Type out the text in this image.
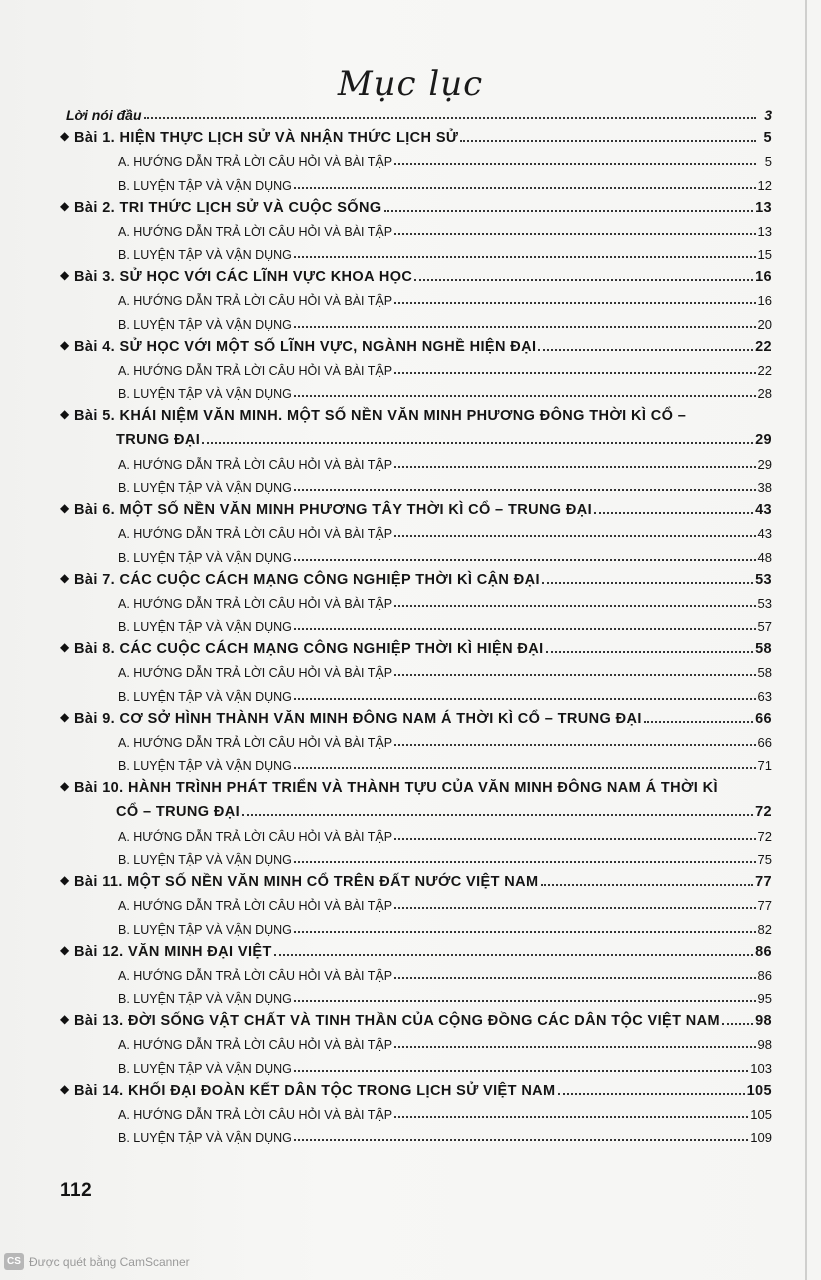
Mục lục
Lời nói đầu	3
◆ Bài 1. HIỆN THỰC LỊCH SỬ VÀ NHẬN THỨC LỊCH SỬ	5
A. HƯỚNG DẪN TRẢ LỜI CÂU HỎI VÀ BÀI TẬP	5
B. LUYỆN TẬP VÀ VẬN DỤNG	12
◆ Bài 2. TRI THỨC LỊCH SỬ VÀ CUỘC SỐNG	13
A. HƯỚNG DẪN TRẢ LỜI CÂU HỎI VÀ BÀI TẬP	13
B. LUYỆN TẬP VÀ VẬN DỤNG	15
◆ Bài 3. SỬ HỌC VỚI CÁC LĨNH VỰC KHOA HỌC	16
A. HƯỚNG DẪN TRẢ LỜI CÂU HỎI VÀ BÀI TẬP	16
B. LUYỆN TẬP VÀ VẬN DỤNG	20
◆ Bài 4. SỬ HỌC VỚI MỘT SỐ LĨNH VỰC, NGÀNH NGHỀ HIỆN ĐẠI	22
A. HƯỚNG DẪN TRẢ LỜI CÂU HỎI VÀ BÀI TẬP	22
B. LUYỆN TẬP VÀ VẬN DỤNG	28
◆ Bài 5. KHÁI NIỆM VĂN MINH. MỘT SỐ NỀN VĂN MINH PHƯƠNG ĐÔNG THỜI KÌ CỔ –
TRUNG ĐẠI	29
A. HƯỚNG DẪN TRẢ LỜI CÂU HỎI VÀ BÀI TẬP	29
B. LUYỆN TẬP VÀ VẬN DỤNG	38
◆ Bài 6. MỘT SỐ NỀN VĂN MINH PHƯƠNG TÂY THỜI KÌ CỔ – TRUNG ĐẠI	43
A. HƯỚNG DẪN TRẢ LỜI CÂU HỎI VÀ BÀI TẬP	43
B. LUYỆN TẬP VÀ VẬN DỤNG	48
◆ Bài 7. CÁC CUỘC CÁCH MẠNG CÔNG NGHIỆP THỜI KÌ CẬN ĐẠI	53
A. HƯỚNG DẪN TRẢ LỜI CÂU HỎI VÀ BÀI TẬP	53
B. LUYỆN TẬP VÀ VẬN DỤNG	57
◆ Bài 8. CÁC CUỘC CÁCH MẠNG CÔNG NGHIỆP THỜI KÌ HIỆN ĐẠI	58
A. HƯỚNG DẪN TRẢ LỜI CÂU HỎI VÀ BÀI TẬP	58
B. LUYỆN TẬP VÀ VẬN DỤNG	63
◆ Bài 9. CƠ SỞ HÌNH THÀNH VĂN MINH ĐÔNG NAM Á THỜI KÌ CỔ – TRUNG ĐẠI	66
A. HƯỚNG DẪN TRẢ LỜI CÂU HỎI VÀ BÀI TẬP	66
B. LUYỆN TẬP VÀ VẬN DỤNG	71
◆ Bài 10. HÀNH TRÌNH PHÁT TRIỂN VÀ THÀNH TỰU CỦA VĂN MINH ĐÔNG NAM Á THỜI KÌ
CỔ – TRUNG ĐẠI	72
A. HƯỚNG DẪN TRẢ LỜI CÂU HỎI VÀ BÀI TẬP	72
B. LUYỆN TẬP VÀ VẬN DỤNG	75
◆ Bài 11. MỘT SỐ NỀN VĂN MINH CỔ TRÊN ĐẤT NƯỚC VIỆT NAM	77
A. HƯỚNG DẪN TRẢ LỜI CÂU HỎI VÀ BÀI TẬP	77
B. LUYỆN TẬP VÀ VẬN DỤNG	82
◆ Bài 12. VĂN MINH ĐẠI VIỆT	86
A. HƯỚNG DẪN TRẢ LỜI CÂU HỎI VÀ BÀI TẬP	86
B. LUYỆN TẬP VÀ VẬN DỤNG	95
◆ Bài 13. ĐỜI SỐNG VẬT CHẤT VÀ TINH THẦN CỦA CỘNG ĐỒNG CÁC DÂN TỘC VIỆT NAM 98
A. HƯỚNG DẪN TRẢ LỜI CÂU HỎI VÀ BÀI TẬP	98
B. LUYỆN TẬP VÀ VẬN DỤNG	103
◆ Bài 14. KHỐI ĐẠI ĐOÀN KẾT DÂN TỘC TRONG LỊCH SỬ VIỆT NAM	105
A. HƯỚNG DẪN TRẢ LỜI CÂU HỎI VÀ BÀI TẬP	105
B. LUYỆN TẬP VÀ VẬN DỤNG	109
112
CS Được quét bằng CamScanner
